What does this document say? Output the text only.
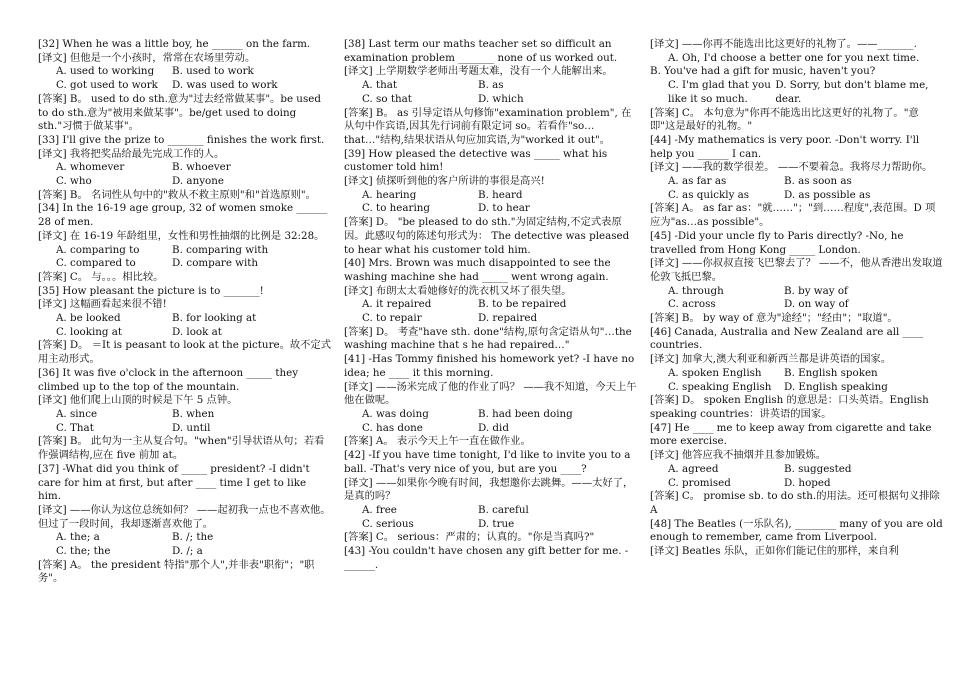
[32] When he was a little boy, he ______ on the farm.

[译文] 但他是一个小孩时，常常在农场里劳动。

A. used to working	B. used to work
C. got used to work	D. was used to work

[答案] B。 used to do sth.意为"过去经常做某事"。be used to do sth.意为"被用来做某事"。be/get used to doing sth."习惯于做某事"。

[33] I'll give the prize to _______ finishes the work first.

[译文] 我将把奖品给最先完成工作的人。

A. whomever	B. whoever
C. who	D. anyone

[答案] B。 名词性从句中的"救从不救主原则"和"首选原则"。

[34] In the 16-19 age group, 32 of women smoke ______ 28 of men.

[译文] 在 16-19 年龄组里，女性和男性抽烟的比例是 32:28。

A. comparing to	B. comparing with
C. compared to	D. compare with

[答案] C。 与。。。相比较。

[35] How pleasant the picture is to _______!

[译文] 这幅画看起来很不错!

A. be looked	B. for looking at
C. looking at	D. look at

[答案] D。 ＝It is peasant to look at the picture。故不定式用主动形式。

[36] It was five o'clock in the afternoon _____ they climbed up to the top of the mountain.

[译文] 他们爬上山顶的时候是下午 5 点钟。

A. since	B. when
C. That	D. until

[答案] B。 此句为一主从复合句。"when"引导状语从句；若看作强调结构,应在 five 前加 at。

[37] -What did you think of _____ president? -I didn't care for him at first, but after ____ time I get to like him.

[译文] ——你认为这位总统如何？ ——起初我一点也不喜欢他。但过了一段时间，我却逐渐喜欢他了。

A. the; a	B. /; the
C. the; the	D. /; a

[答案] A。 the president 特指"那个人",并非表"职衔"；"职务"。

[38] Last term our maths teacher set so difficult an examination problem _______ none of us worked out.

[译文] 上学期数学老师出考题太难，没有一个人能解出来。

A. that	B. as
C. so that	D. which

[答案] B。 as 引导定语从句修饰"examination problem", 在从句中作宾语,因其先行词前有限定词 so。若看作"so…that…"结构,结果状语从句应加宾语,为"worked it out"。

[39] How pleased the detective was _____ what his customer told him!

[译文] 侦探听到他的客户所讲的事很是高兴!

A. hearing	B. heard
C. to hearing	D. to hear

[答案] D。 "be pleased to do sth."为固定结构,不定式表原因。此感叹句的陈述句形式为： The detective was pleased to hear what his customer told him.

[40] Mrs. Brown was much disappointed to see the washing machine she had _____ went wrong again.

[译文] 布朗太太看她修好的洗衣机又坏了很失望。

A. it repaired	B. to be repaired
C. to repair	D. repaired

[答案] D。 考查"have sth. done"结构,原句含定语从句"…the washing machine that s he had repaired…"

[41] -Has Tommy finished his homework yet? -I have no idea; he ____ it this morning.

[译文] ——汤米完成了他的作业了吗？ ——我不知道，今天上午他在做呢。

A. was doing	B. had been doing
C. has done	D. did

[答案] A。 表示今天上午一直在做作业。

[42] -If you have time tonight, I'd like to invite you to a ball. -That's very nice of you, but are you ____?

[译文] ——如果你今晚有时间，我想邀你去跳舞。——太好了，是真的吗？

A. free	B. careful
C. serious	D. true

[答案] C。 serious：严肃的；认真的。"你是当真吗?"

[43] -You couldn't have chosen any gift better for me. -______.

[译文] ——你再不能选出比这更好的礼物了。——_______.

A. Oh, I'd choose a better one for you next time.

B. You've had a gift for music, haven't you?

C. I'm glad that you like it so much.
D. Sorry, but don't blame me, dear.

[答案] C。 本句意为"你再不能选出比这更好的礼物了。"意即"这是最好的礼物。"

[44] -My mathematics is very poor. -Don't worry. I'll help you ______ I can.

[译文] ——我的数学很差。 ——不要着急。我将尽力帮助你。

A. as far as	B. as soon as
C. as quickly as	D. as possible as

[答案] A。 as far as："就……"；"到……程度",表范围。D 项应为"as…as possible"。

[45] -Did your uncle fly to Paris directly? -No, he travelled from Hong Kong _____ London.

[译文] ——你叔叔直接飞巴黎去了？ ——不，他从香港出发取道伦敦飞抵巴黎。

A. through	B. by way of
C. across	D. on way of

[答案] B。 by way of 意为"途经"；"经由"；"取道"。

[46] Canada, Australia and New Zealand are all ____ countries.

[译文] 加拿大,澳大利亚和新西兰都是讲英语的国家。

A. spoken English	B. English spoken
C. speaking English	D. English speaking

[答案] D。 spoken English 的意思是：口头英语。English speaking countries：讲英语的国家。

[47] He ____ me to keep away from cigarette and take more exercise.

[译文] 他答应我不抽烟并且参加锻炼。

A. agreed	B. suggested
C. promised	D. hoped

[答案] C。 promise sb. to do sth.的用法。还可根据句义排除 A

[48] The Beatles (一乐队名), ________ many of you are old enough to remember, came from Liverpool.

[译文] Beatles 乐队，正如你们能记住的那样，来自利
